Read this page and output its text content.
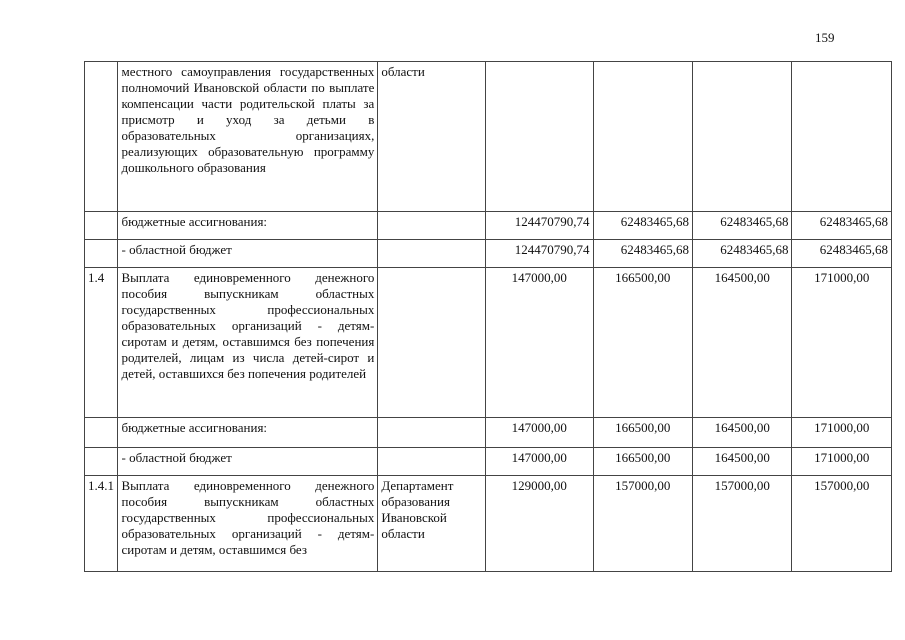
159
	местного самоуправления государственных полномочий Ивановской области по выплате компенсации части родительской платы за присмотр и уход за детьми в образовательных организациях, реализующих образовательную программу дошкольного образования	области				
	бюджетные ассигнования:		124470790,74	62483465,68	62483465,68	62483465,68
	- областной бюджет		124470790,74	62483465,68	62483465,68	62483465,68
1.4	Выплата единовременного денежного пособия выпускникам областных государственных профессиональных образовательных организаций - детям-сиротам и детям, оставшимся без попечения родителей, лицам из числа детей-сирот и детей, оставшихся без попечения родителей		147000,00	166500,00	164500,00	171000,00
	бюджетные ассигнования:		147000,00	166500,00	164500,00	171000,00
	- областной бюджет		147000,00	166500,00	164500,00	171000,00
1.4.1	Выплата единовременного денежного пособия выпускникам областных государственных профессиональных образовательных организаций - детям-сиротам и детям, оставшимся без	Департамент образования Ивановской области	129000,00	157000,00	157000,00	157000,00
